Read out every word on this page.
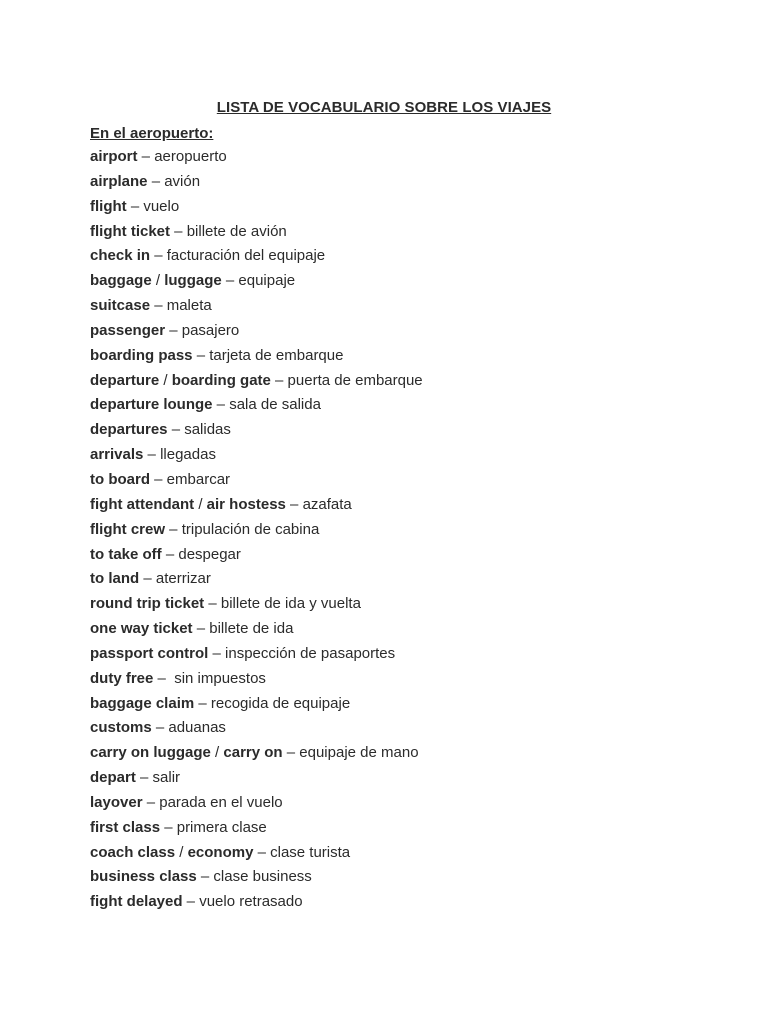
LISTA DE VOCABULARIO SOBRE LOS VIAJES
En el aeropuerto:
airport – aeropuerto
airplane – avión
flight – vuelo
flight ticket – billete de avión
check in – facturación del equipaje
baggage / luggage – equipaje
suitcase – maleta
passenger – pasajero
boarding pass – tarjeta de embarque
departure / boarding gate – puerta de embarque
departure lounge – sala de salida
departures – salidas
arrivals – llegadas
to board – embarcar
fight attendant / air hostess – azafata
flight crew – tripulación de cabina
to take off – despegar
to land – aterrizar
round trip ticket – billete de ida y vuelta
one way ticket – billete de ida
passport control – inspección de pasaportes
duty free –  sin impuestos
baggage claim – recogida de equipaje
customs – aduanas
carry on luggage / carry on – equipaje de mano
depart – salir
layover – parada en el vuelo
first class – primera clase
coach class / economy – clase turista
business class – clase business
fight delayed – vuelo retrasado
